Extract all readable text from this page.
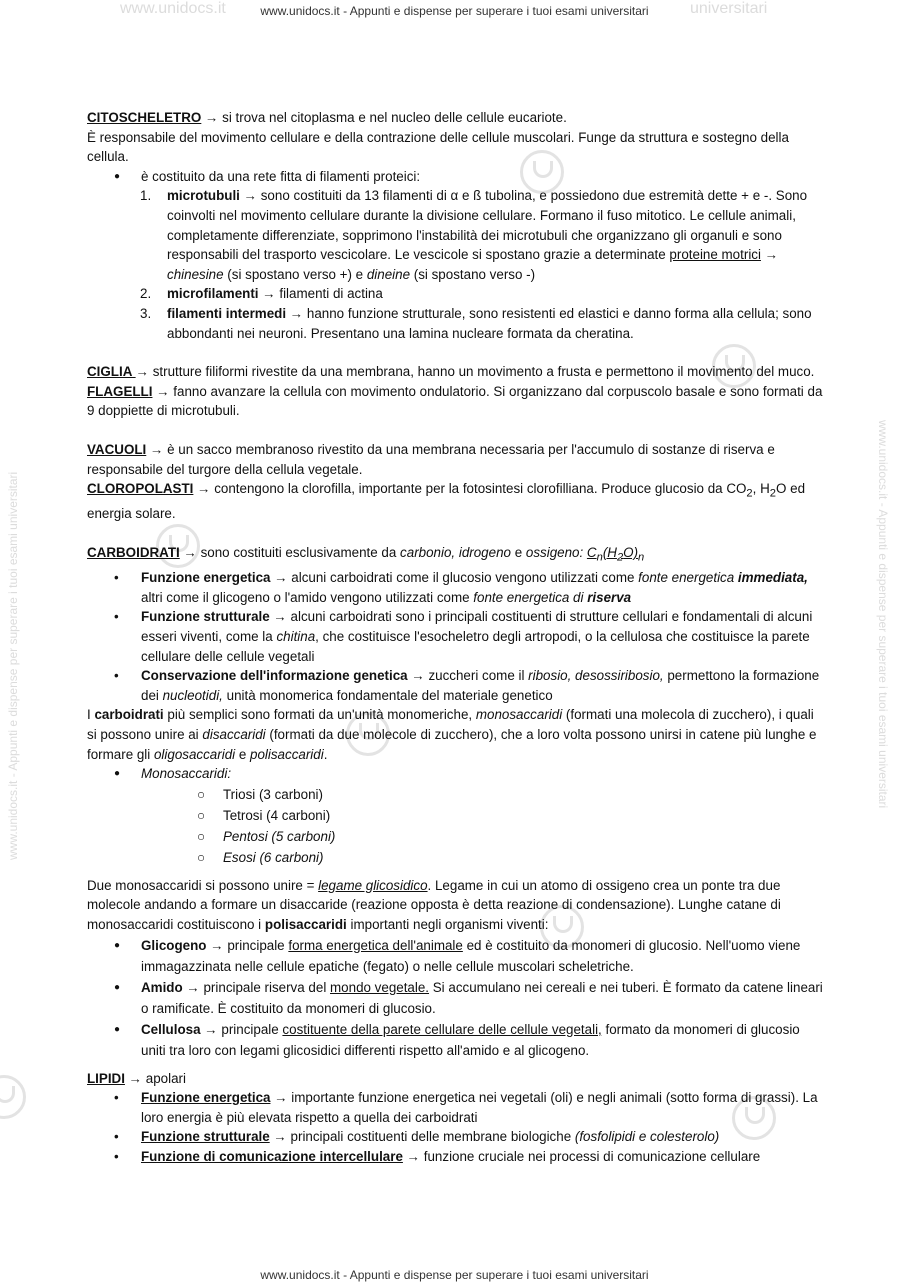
www.unidocs.it - Appunti e dispense per superare i tuoi esami universitari
www.unidocs.it	universitari
www.unidocs.it - Appunti e dispense per superare i tuoi esami universitari
www.unidocs.it - Appunti e dispense per superare i tuoi esami universitari	www.unidocs.it - Appunti e dispense per superare i tuoi esami universitari

CITOSCHELETRO → si trova nel citoplasma e nel nucleo delle cellule eucariote.

È responsabile del movimento cellulare e della contrazione delle cellule muscolari. Funge da struttura e sostegno della cellula.

● è costituito da una rete fitta di filamenti proteici:
1. microtubuli → sono costituiti da 13 filamenti di α e ß tubolina, e possiedono due estremità dette + e -. Sono coinvolti nel movimento cellulare durante la divisione cellulare. Formano il fuso mitotico. Le cellule animali, completamente differenziate, sopprimono l'instabilità dei microtubuli che organizzano gli organuli e sono responsabili del trasporto vescicolare. Le vescicole si spostano grazie a determinate proteine motrici → chinesine (si spostano verso +) e dineine (si spostano verso -)
2. microfilamenti → filamenti di actina
3. filamenti intermedi → hanno funzione strutturale, sono resistenti ed elastici e danno forma alla cellula; sono abbondanti nei neuroni. Presentano una lamina nucleare formata da cheratina.

CIGLIA → strutture filiformi rivestite da una membrana, hanno un movimento a frusta e permettono il movimento del muco.

FLAGELLI → fanno avanzare la cellula con movimento ondulatorio. Si organizzano dal corpuscolo basale e sono formati da 9 doppiette di microtubuli.

VACUOLI → è un sacco membranoso rivestito da una membrana necessaria per l'accumulo di sostanze di riserva e responsabile del turgore della cellula vegetale.

CLOROPOLASTI → contengono la clorofilla, importante per la fotosintesi clorofilliana. Produce glucosio da $CO_2$, $H_2O$ ed energia solare.

CARBOIDRATI → sono costituiti esclusivamente da carbonio, idrogeno e ossigeno: $C_n(H_2O)_n$

• Funzione energetica → alcuni carboidrati come il glucosio vengono utilizzati come fonte energetica immediata, altri come il glicogeno o l'amido vengono utilizzati come fonte energetica di riserva
• Funzione strutturale → alcuni carboidrati sono i principali costituenti di strutture cellulari e fondamentali di alcuni esseri viventi, come la chitina, che costituisce l'esocheletro degli artropodi, o la cellulosa che costituisce la parete cellulare delle cellule vegetali
• Conservazione dell'informazione genetica → zuccheri come il ribosio, desossiribosio, permettono la formazione dei nucleotidi, unità monomerica fondamentale del materiale genetico

I carboidrati più semplici sono formati da un'unità monomeriche, monosaccaridi (formati una molecola di zucchero), i quali si possono unire ai disaccaridi (formati da due molecole di zucchero), che a loro volta possono unirsi in catene più lunghe e formare gli oligosaccaridi e polisaccaridi.

● Monosaccaridi:
○ Triosi (3 carboni)
○ Tetrosi (4 carboni)
○ Pentosi (5 carboni)
○ Esosi (6 carboni)

Due monosaccaridi si possono unire = legame glicosidico. Legame in cui un atomo di ossigeno crea un ponte tra due molecole andando a formare un disaccaride (reazione opposta è detta reazione di condensazione). Lunghe catane di monosaccaridi costituiscono i polisaccaridi importanti negli organismi viventi:

● Glicogeno → principale forma energetica dell'animale ed è costituito da monomeri di glucosio. Nell'uomo viene immagazzinata nelle cellule epatiche (fegato) o nelle cellule muscolari scheletriche.
● Amido → principale riserva del mondo vegetale. Si accumulano nei cereali e nei tuberi. È formato da catene lineari o ramificate. È costituito da monomeri di glucosio.
● Cellulosa → principale costituente della parete cellulare delle cellule vegetali, formato da monomeri di glucosio uniti tra loro con legami glicosidici differenti rispetto all'amido e al glicogeno.

LIPIDI → apolari

• Funzione energetica → importante funzione energetica nei vegetali (oli) e negli animali (sotto forma di grassi). La loro energia è più elevata rispetto a quella dei carboidrati
• Funzione strutturale → principali costituenti delle membrane biologiche (fosfolipidi e colesterolo)
• Funzione di comunicazione intercellulare → funzione cruciale nei processi di comunicazione cellulare
